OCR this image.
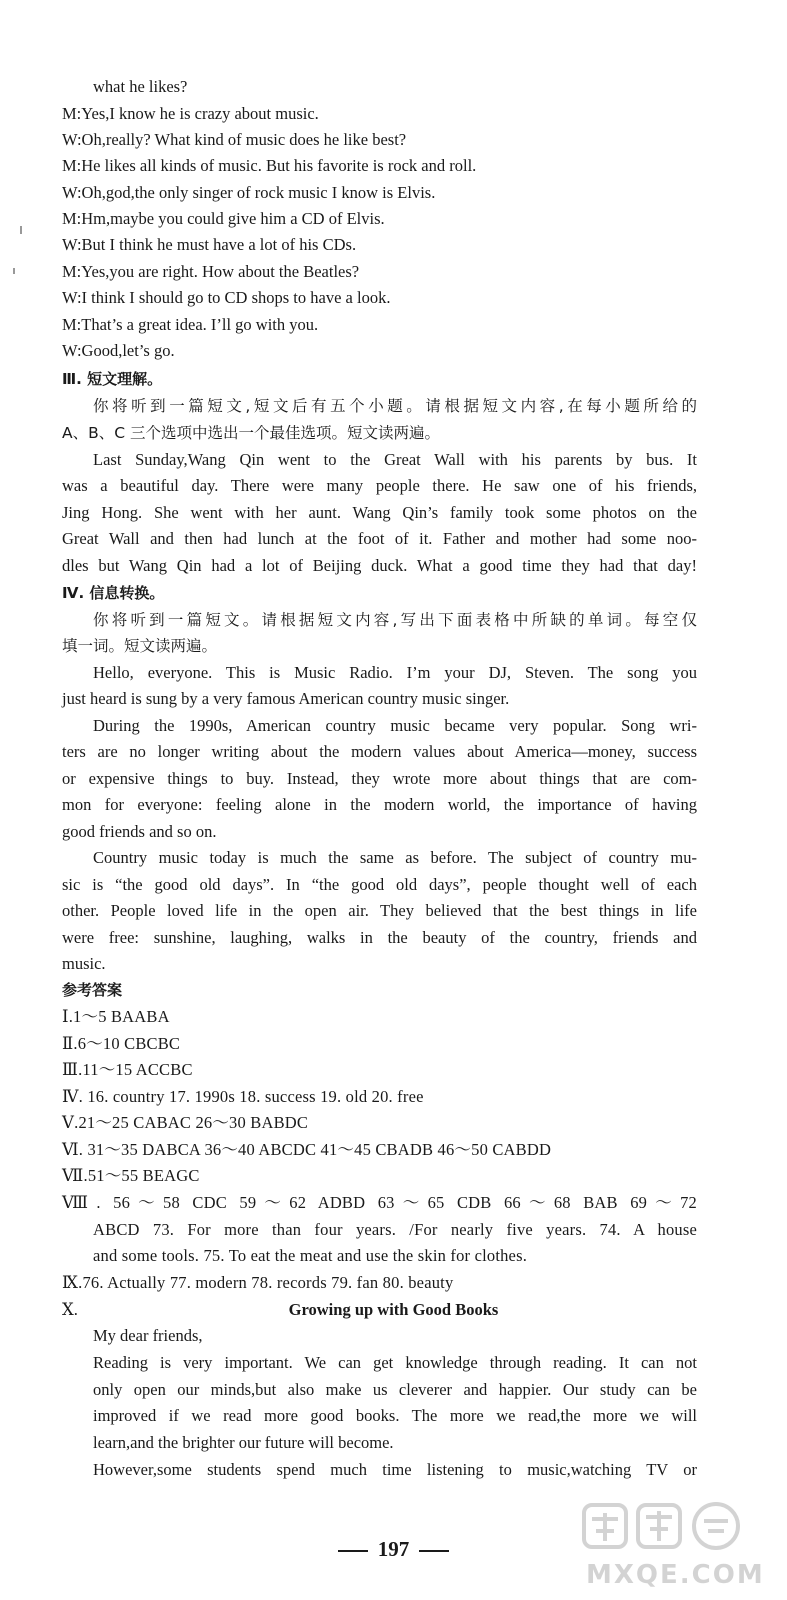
what he likes?
M:Yes,I know he is crazy about music.
W:Oh,really? What kind of music does he like best?
M:He likes all kinds of music. But his favorite is rock and roll.
W:Oh,god,the only singer of rock music I know is Elvis.
M:Hm,maybe you could give him a CD of Elvis.
W:But I think he must have a lot of his CDs.
M:Yes,you are right. How about the Beatles?
W:I think I should go to CD shops to have a look.
M:That’s a great idea. I’ll go with you.
W:Good,let’s go.
Ⅲ. 短文理解。
你将听到一篇短文,短文后有五个小题。请根据短文内容,在每小题所给的
A、B、C 三个选项中选出一个最佳选项。短文读两遍。
Last Sunday,Wang Qin went to the Great Wall with his parents by bus. It
was a beautiful day. There were many people there. He saw one of his friends,
Jing Hong. She went with her aunt. Wang Qin’s family took some photos on the
Great Wall and then had lunch at the foot of it. Father and mother had some noo-
dles but Wang Qin had a lot of Beijing duck. What a good time they had that day!
Ⅳ. 信息转换。
你将听到一篇短文。请根据短文内容,写出下面表格中所缺的单词。每空仅
填一词。短文读两遍。
Hello, everyone. This is Music Radio. I’m your DJ, Steven. The song you
just heard is sung by a very famous American country music singer.
During the 1990s, American country music became very popular. Song wri-
ters are no longer writing about the modern values about America—money, success
or expensive things to buy. Instead, they wrote more about things that are com-
mon for everyone: feeling alone in the modern world, the importance of having
good friends and so on.
Country music today is much the same as before. The subject of country mu-
sic is “the good old days”. In “the good old days”, people thought well of each
other. People loved life in the open air. They believed that the best things in life
were free: sunshine, laughing, walks in the beauty of the country, friends and
music.
参考答案
Ⅰ.1～5 BAABA
Ⅱ.6～10 CBCBC
Ⅲ.11～15 ACCBC
Ⅳ. 16. country 17. 1990s 18. success 19. old 20. free
Ⅴ.21～25 CABAC 26～30 BABDC
Ⅵ. 31～35 DABCA 36～40 ABCDC 41～45 CBADB 46～50 CABDD
Ⅶ.51～55 BEAGC
Ⅷ. 56～58 CDC 59～62 ADBD 63～65 CDB 66～68 BAB 69～72
ABCD 73. For more than four years. /For nearly five years. 74. A house
and some tools. 75. To eat the meat and use the skin for clothes.
Ⅸ.76. Actually 77. modern 78. records 79. fan 80. beauty
Ⅹ.	Growing up with Good Books
My dear friends,
Reading is very important. We can get knowledge through reading. It can not
only open our minds,but also make us cleverer and happier. Our study can be
improved if we read more good books. The more we read,the more we will
learn,and the brighter our future will become.
However,some students spend much time listening to music,watching TV or
197
MXQE.COM
